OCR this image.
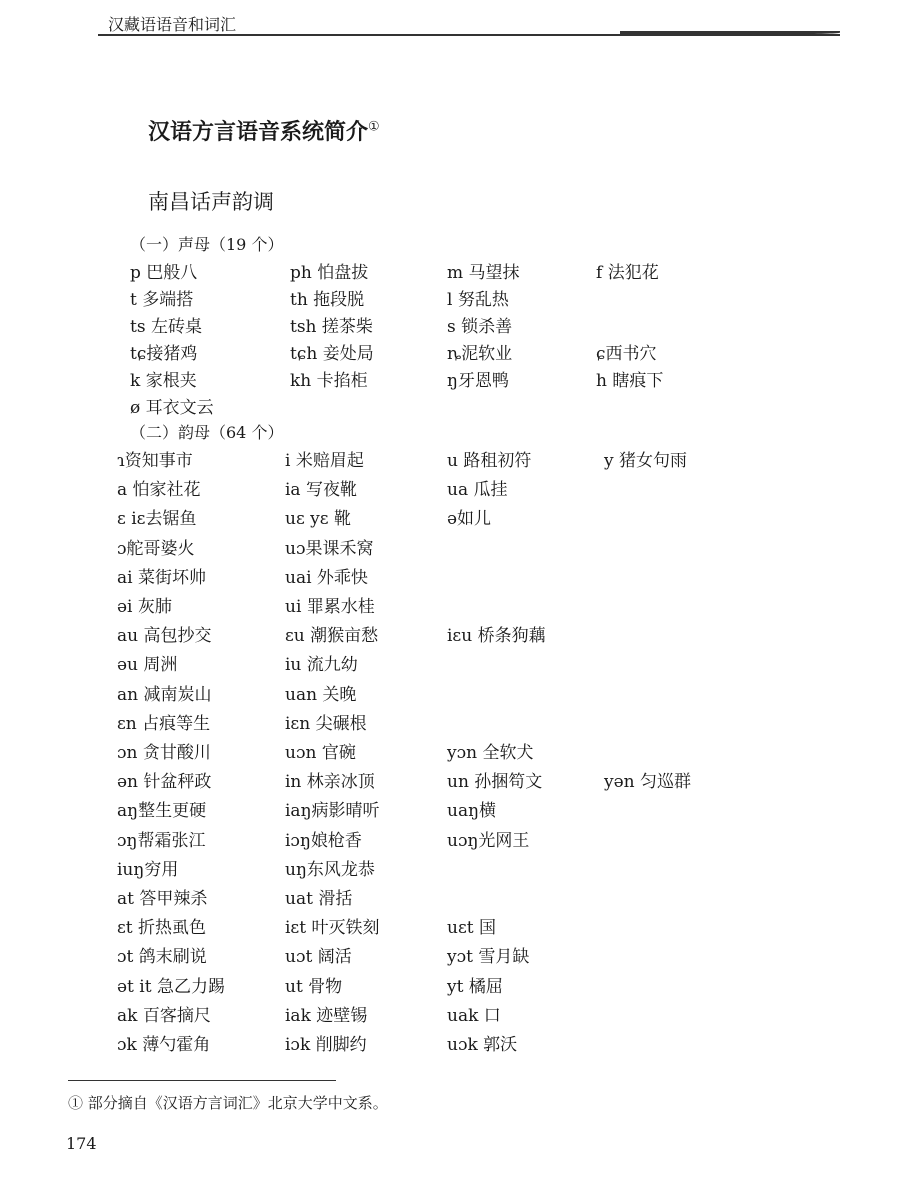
汉藏语语音和词汇
汉语方言语音系统简介①
南昌话声韵调
（一）声母（19 个）
p 巴般八	ph 怕盘拔	m 马望抹	f 法犯花
t 多端搭	th 拖段脱	l 努乱热
ts 左砖桌	tsh 搓茶柴	s 锁杀善
tɕ接猪鸡	tɕh 妾处局	ȵ泥软业	ɕ西书穴
k 家根夹	kh 卡掐柜	ŋ牙恩鸭	h 瞎痕下
ø 耳衣文云
（二）韵母（64 个）
ɿ资知事市	i 米赔眉起	u 路租初符	y 猪女句雨
a 怕家社花	ia 写夜靴	ua 瓜挂
ɛ iɛ去锯鱼	uɛ yɛ 靴	ə如儿
ɔ舵哥婆火	uɔ果课禾窝
ai 菜街坏帅	uai 外乖快
əi 灰肺	ui 罪累水桂
au 高包抄交	ɛu 潮猴亩愁	iɛu 桥条狗藕
əu 周洲	iu 流九幼
an 减南炭山	uan 关晚
ɛn 占痕等生	iɛn 尖碾根
ɔn 贪甘酸川	uɔn 官碗	yɔn 全软犬
ən 针盆秤政	in 林亲冰顶	un 孙捆笱文	yən 匀巡群
aŋ整生更硬	iaŋ病影晴听	uaŋ横
ɔŋ帮霜张江	iɔŋ娘枪香	uɔŋ光网王
iuŋ穷用	uŋ东风龙恭
at 答甲辣杀	uat 滑括
ɛt 折热虱色	iɛt 叶灭铁刻	uɛt 国
ɔt 鸽末刷说	uɔt 阔活	yɔt 雪月缺
ət it 急乙力踢	ut 骨物	yt 橘屈
ak 百客摘尺	iak 迹壁锡	uak 口
ɔk 薄勺霍角	iɔk 削脚约	uɔk 郭沃
① 部分摘自《汉语方言词汇》北京大学中文系。
174
